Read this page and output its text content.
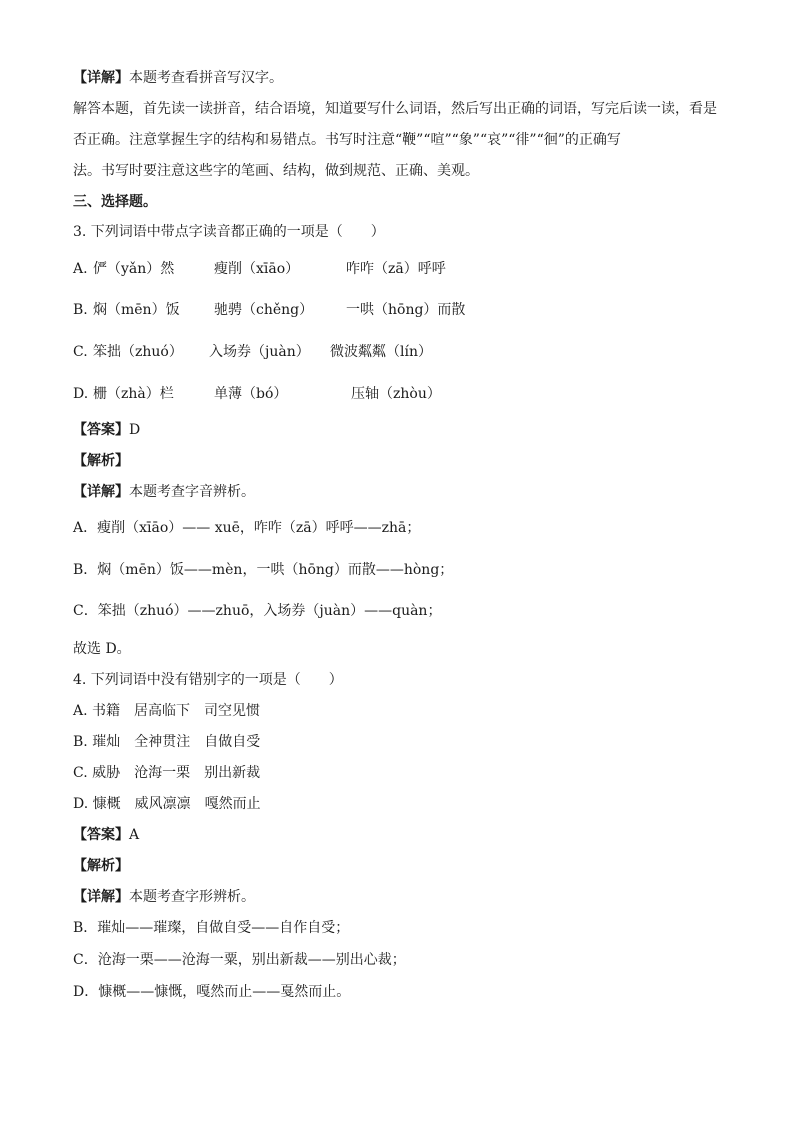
【详解】本题考查看拼音写汉字。
解答本题，首先读一读拼音，结合语境，知道要写什么词语，然后写出正确的词语，写完后读一读，看是
否正确。注意掌握生字的结构和易错点。书写时注意“鞭”“喧”“象”“哀”“徘”“徊”的正确写
法。书写时要注意这些字的笔画、结构，做到规范、正确、美观。
三、选择题。
3. 下列词语中带点字读音都正确的一项是（　　）
A. 俨（yǎn）然	瘦削（xīāo）	咋咋（zā）呼呼
B. 焖（mēn）饭 驰骋（chěng） 一哄（hōng）而散
C. 笨拙（zhuó） 入场券（juàn） 微波粼粼（lín）
D. 栅（zhà）栏	单薄（bó）	压轴（zhòu）
【答案】D
【解析】
【详解】本题考查字音辨析。
A．瘦削（xīāo）—— xuē，咋咋（zā）呼呼——zhā；
B．焖（mēn）饭——mèn，一哄（hōng）而散——hòng；
C．笨拙（zhuó）——zhuō，入场券（juàn）——quàn；
故选 D。
4. 下列词语中没有错别字的一项是（　　）
A. 书籍　居高临下　司空见惯
B. 璀灿　全神贯注　自做自受
C. 威胁　沧海一栗　别出新裁
D. 慷概　威风凛凛　嘎然而止
【答案】A
【解析】
【详解】本题考查字形辨析。
B．璀灿——璀璨，自做自受——自作自受；
C．沧海一栗——沧海一粟，别出新裁——别出心裁；
D．慷概——慷慨，嘎然而止——戛然而止。
